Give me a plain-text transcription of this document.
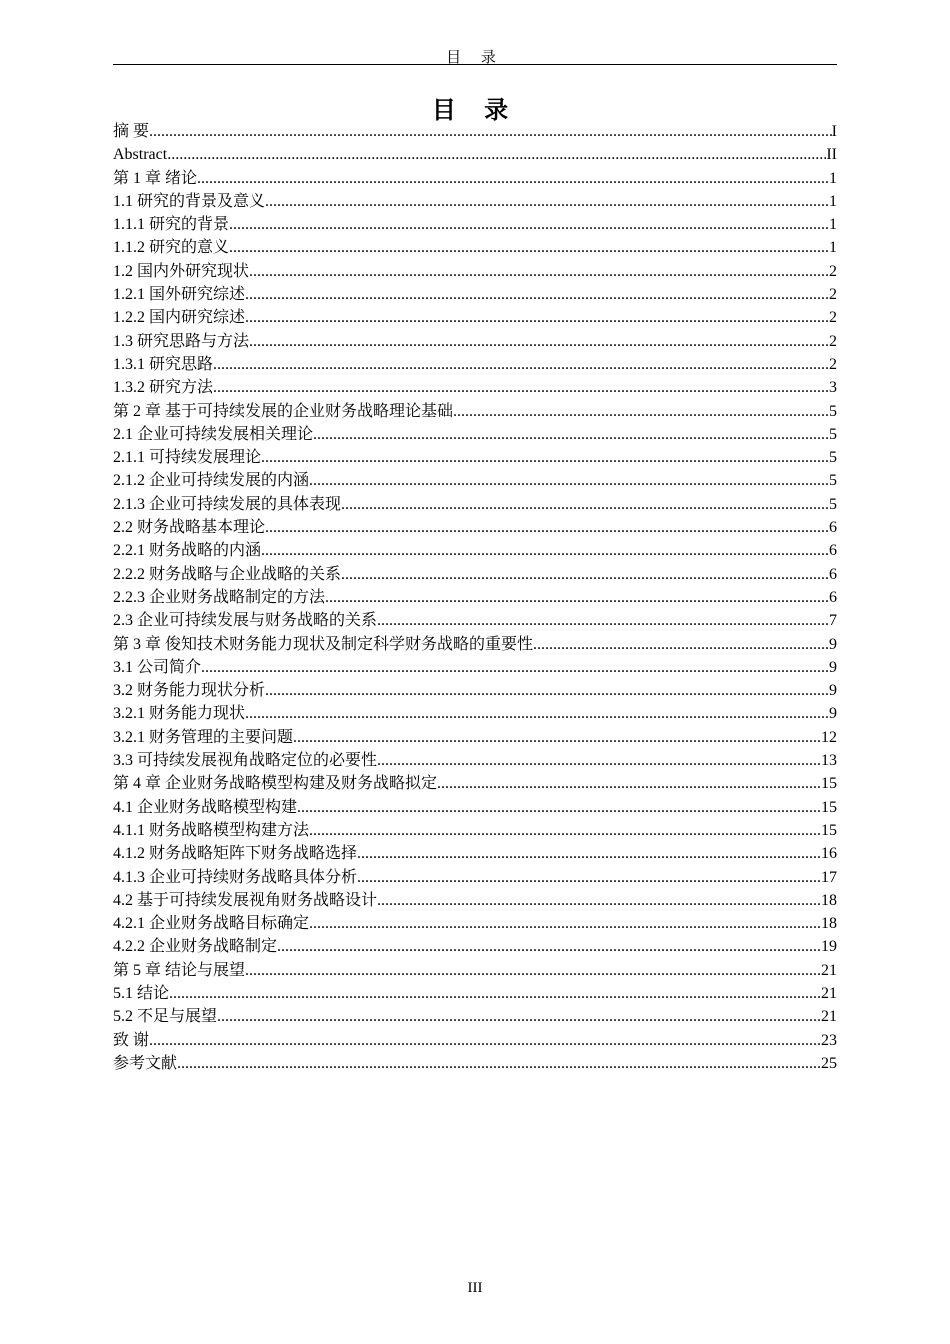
目 录
目 录
摘 要 .....	I
Abstract .....	II
第 1 章 绪论 .....	1
1.1 研究的背景及意义 .....	1
1.1.1 研究的背景 .....	1
1.1.2 研究的意义 .....	1
1.2 国内外研究现状 .....	2
1.2.1 国外研究综述 .....	2
1.2.2 国内研究综述 .....	2
1.3 研究思路与方法 .....	2
1.3.1 研究思路 .....	2
1.3.2 研究方法 .....	3
第 2 章 基于可持续发展的企业财务战略理论基础 .....	5
2.1 企业可持续发展相关理论 .....	5
2.1.1 可持续发展理论 .....	5
2.1.2 企业可持续发展的内涵 .....	5
2.1.3 企业可持续发展的具体表现 .....	5
2.2 财务战略基本理论 .....	6
2.2.1 财务战略的内涵 .....	6
2.2.2 财务战略与企业战略的关系 .....	6
2.2.3 企业财务战略制定的方法 .....	6
2.3 企业可持续发展与财务战略的关系 .....	7
第 3 章 俊知技术财务能力现状及制定科学财务战略的重要性 .....	9
3.1 公司简介 .....	9
3.2 财务能力现状分析 .....	9
3.2.1 财务能力现状 .....	9
3.2.1 财务管理的主要问题 .....	12
3.3 可持续发展视角战略定位的必要性 .....	13
第 4 章 企业财务战略模型构建及财务战略拟定 .....	15
4.1 企业财务战略模型构建 .....	15
4.1.1 财务战略模型构建方法 .....	15
4.1.2 财务战略矩阵下财务战略选择 .....	16
4.1.3 企业可持续财务战略具体分析 .....	17
4.2 基于可持续发展视角财务战略设计 .....	18
4.2.1 企业财务战略目标确定 .....	18
4.2.2 企业财务战略制定 .....	19
第 5 章 结论与展望 .....	21
5.1 结论 .....	21
5.2 不足与展望 .....	21
致 谢 .....	23
参考文献 .....	25
III
